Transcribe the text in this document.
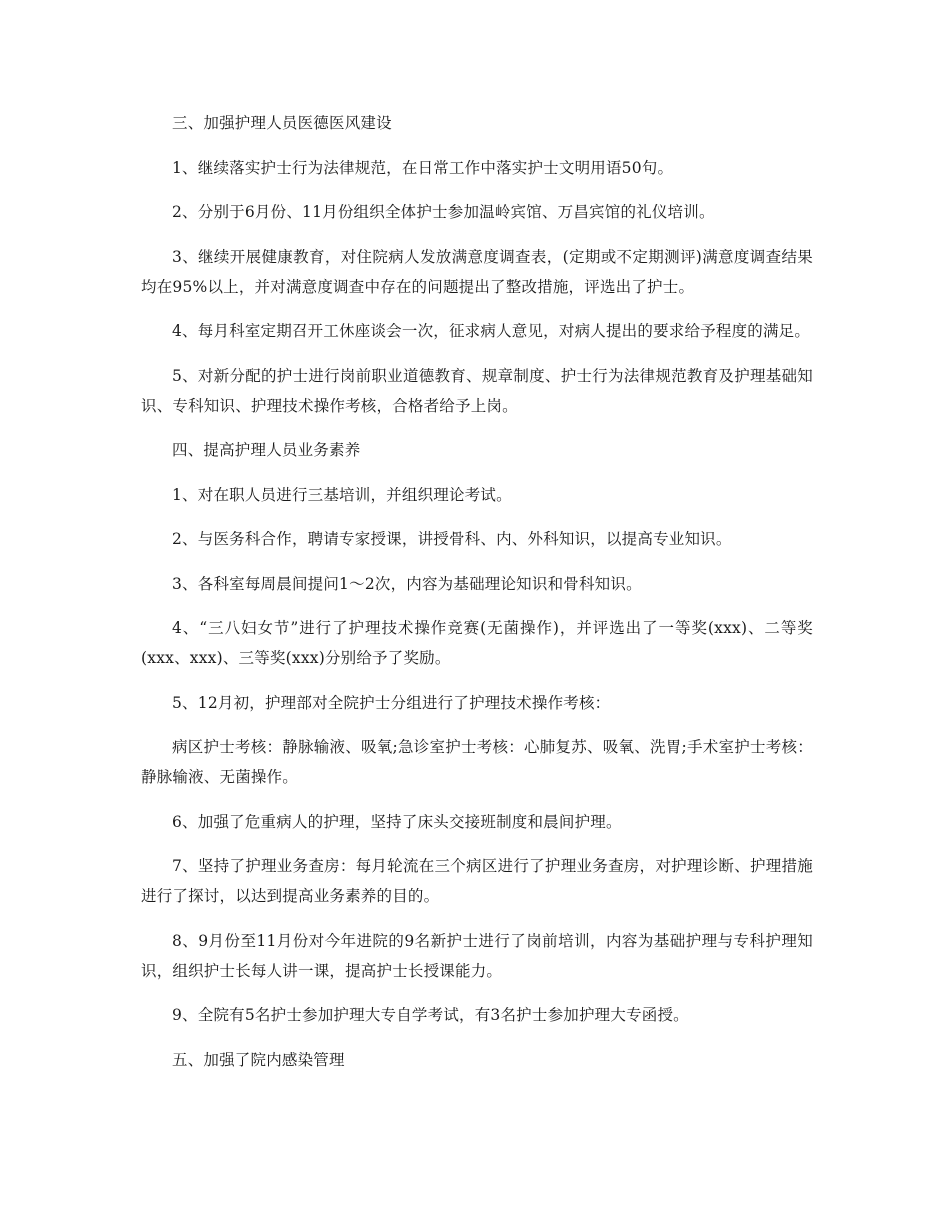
三、加强护理人员医德医风建设

1、继续落实护士行为法律规范，在日常工作中落实护士文明用语50句。

2、分别于6月份、11月份组织全体护士参加温岭宾馆、万昌宾馆的礼仪培训。

3、继续开展健康教育，对住院病人发放满意度调查表，(定期或不定期测评)满意度调查结果均在95%以上，并对满意度调查中存在的问题提出了整改措施，评选出了护士。

4、每月科室定期召开工休座谈会一次，征求病人意见，对病人提出的要求给予程度的满足。

5、对新分配的护士进行岗前职业道德教育、规章制度、护士行为法律规范教育及护理基础知识、专科知识、护理技术操作考核，合格者给予上岗。

四、提高护理人员业务素养

1、对在职人员进行三基培训，并组织理论考试。

2、与医务科合作，聘请专家授课，讲授骨科、内、外科知识，以提高专业知识。

3、各科室每周晨间提问1～2次，内容为基础理论知识和骨科知识。

4、“三八妇女节”进行了护理技术操作竞赛(无菌操作)，并评选出了一等奖(xxx)、二等奖(xxx、xxx)、三等奖(xxx)分别给予了奖励。

5、12月初，护理部对全院护士分组进行了护理技术操作考核：

病区护士考核：静脉输液、吸氧;急诊室护士考核：心肺复苏、吸氧、洗胃;手术室护士考核：静脉输液、无菌操作。

6、加强了危重病人的护理，坚持了床头交接班制度和晨间护理。

7、坚持了护理业务查房：每月轮流在三个病区进行了护理业务查房，对护理诊断、护理措施进行了探讨，以达到提高业务素养的目的。

8、9月份至11月份对今年进院的9名新护士进行了岗前培训，内容为基础护理与专科护理知识，组织护士长每人讲一课，提高护士长授课能力。

9、全院有5名护士参加护理大专自学考试，有3名护士参加护理大专函授。

五、加强了院内感染管理
